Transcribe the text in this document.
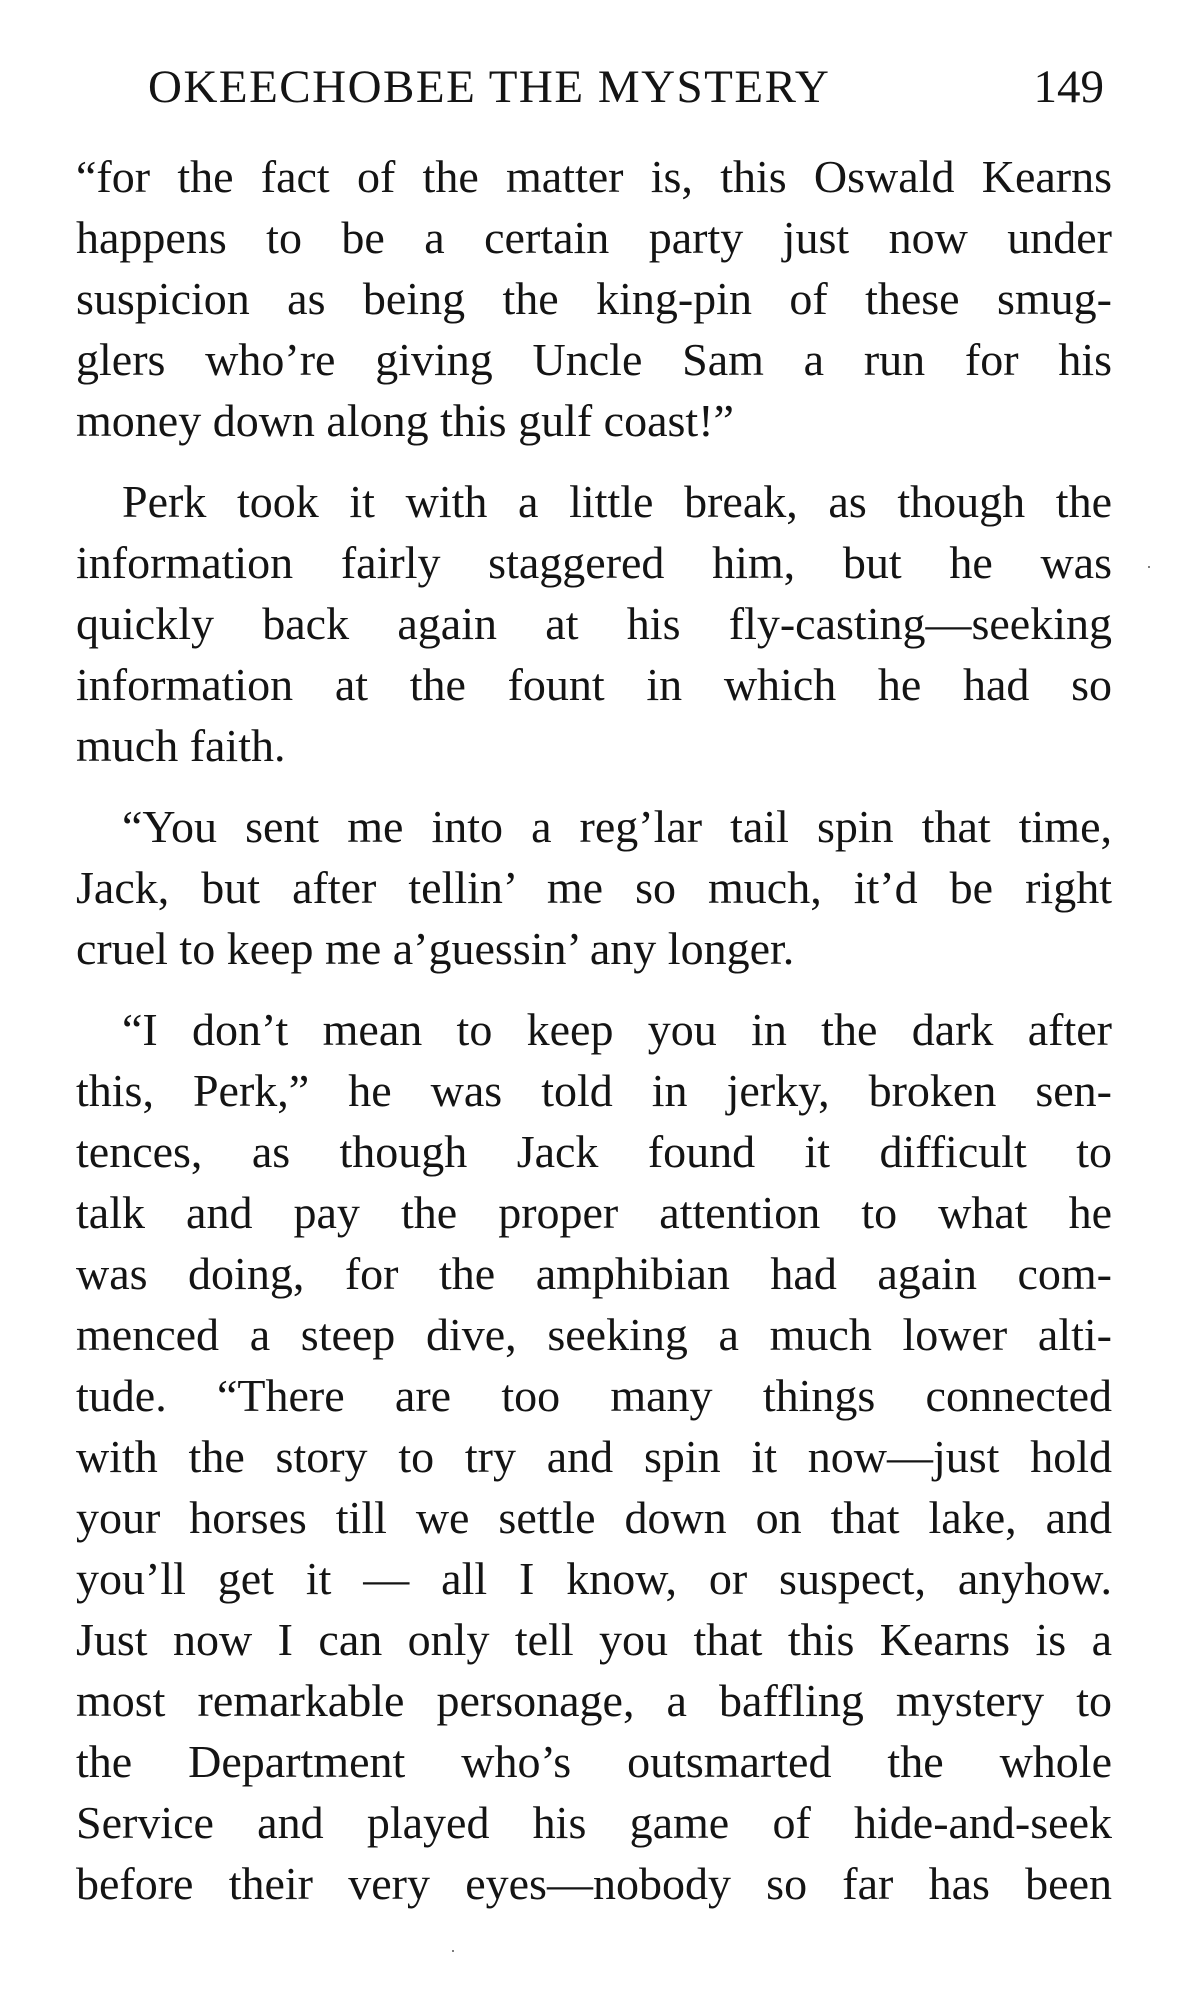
OKEECHOBEE THE MYSTERY	149
“for the fact of the matter is, this Oswald Kearns
happens to be a certain party just now under
suspicion as being the king-pin of these smug-
glers who’re giving Uncle Sam a run for his
money down along this gulf coast!”
Perk took it with a little break, as though the
information fairly staggered him, but he was
quickly back again at his fly-casting—seeking
information at the fount in which he had so
much faith.
“You sent me into a reg’lar tail spin that time,
Jack, but after tellin’ me so much, it’d be right
cruel to keep me a’guessin’ any longer.
“I don’t mean to keep you in the dark after
this, Perk,” he was told in jerky, broken sen-
tences, as though Jack found it difficult to
talk and pay the proper attention to what he
was doing, for the amphibian had again com-
menced a steep dive, seeking a much lower alti-
tude. “There are too many things connected
with the story to try and spin it now—just hold
your horses till we settle down on that lake, and
you’ll get it — all I know, or suspect, anyhow.
Just now I can only tell you that this Kearns is a
most remarkable personage, a baffling mystery to
the Department who’s outsmarted the whole
Service and played his game of hide-and-seek
before their very eyes—nobody so far has been
